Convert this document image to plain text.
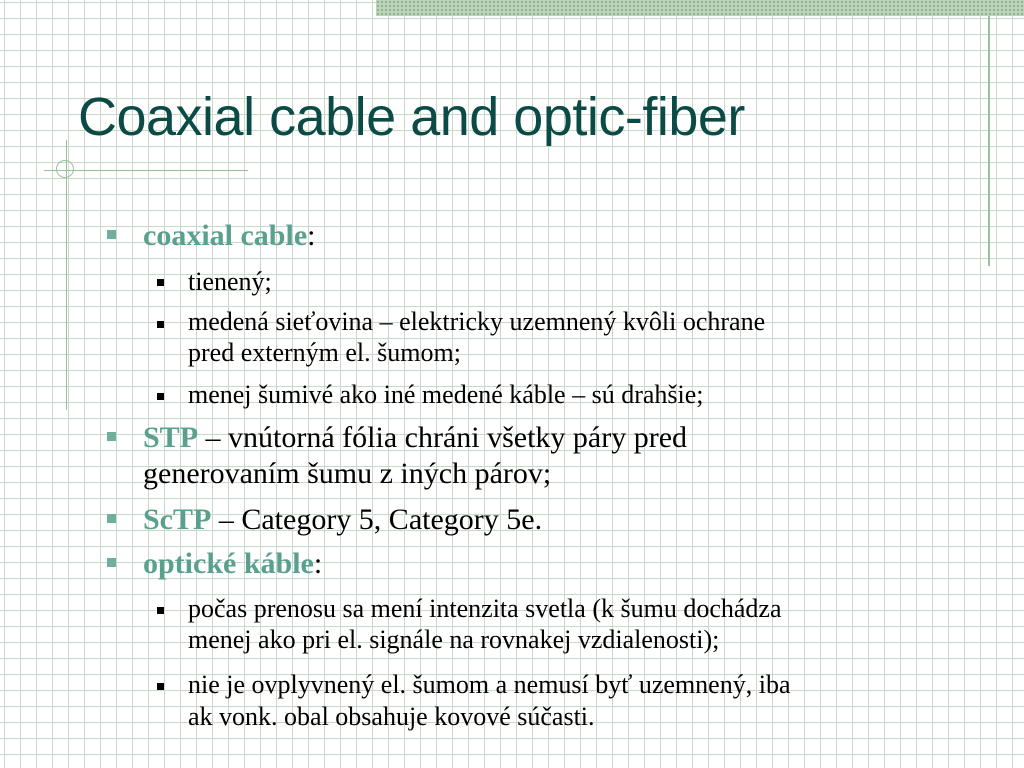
Coaxial cable and optic-fiber

coaxial cable:

tienený;

medená sieťovina – elektricky uzemnený kvôli ochrane

pred externým el. šumom;

menej šumivé ako iné medené káble – sú drahšie;

STP – vnútorná fólia chráni všetky páry pred

generovaním šumu z iných párov;

ScTP – Category 5, Category 5e.

optické káble:

počas prenosu sa mení intenzita svetla (k šumu dochádza

menej ako pri el. signále na rovnakej vzdialenosti);

nie je ovplyvnený el. šumom a nemusí byť uzemnený, iba

ak vonk. obal obsahuje kovové súčasti.
